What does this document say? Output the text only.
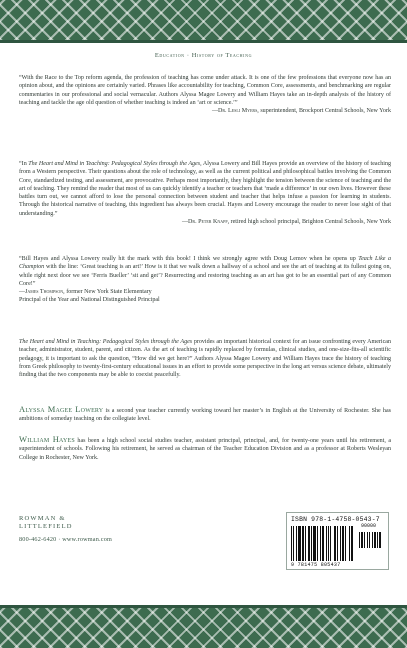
Education · History of Teaching

“With the Race to the Top reform agenda, the profession of teaching has come under attack. It is one of the few professions that everyone now has an opinion about, and the opinions are certainly varied. Phrases like accountability for teaching, Common Core, assessments, and benchmarking are regular commentaries in our professional and social vernacular. Authors Alyssa Magee Lowery and William Hayes take an in-depth analysis of the history of teaching and tackle the age old question of whether teaching is indeed an ‘art or science.’”

—Dr. Lesli Myers, superintendent, Brockport Central Schools, New York

“In The Heart and Mind in Teaching: Pedagogical Styles through the Ages, Alyssa Lowery and Bill Hayes provide an overview of the history of teaching from a Western perspective. Their questions about the role of technology, as well as the current political and philosophical battles involving the Common Core, standardized testing, and assessment, are provocative. Perhaps most importantly, they highlight the tension between the science of teaching and the art of teaching. They remind the reader that most of us can quickly identify a teacher or teachers that ‘made a difference’ in our own lives. However these battles turn out, we cannot afford to lose the personal connection between student and teacher that helps infuse a passion for learning in students. Through the historical narrative of teaching, this ingredient has always been crucial. Hayes and Lowery encourage the reader to never lose sight of that understanding.”

—Dr. Peter Knapp, retired high school principal, Brighton Central Schools, New York

“Bill Hayes and Alyssa Lowery really hit the mark with this book! I think we strongly agree with Doug Lemov when he opens up Teach Like a Champion with the line: ‘Great teaching is an art!’ How is it that we walk down a hallway of a school and see the art of teaching at its fullest going on, while right next door we see ‘Ferris Bueller’ ‘sit and get’? Resurrecting and restoring teaching as an art has got to be an essential part of any Common Core!”

—James Thompson, former New York State Elementary
Principal of the Year and National Distinguished Principal

The Heart and Mind in Teaching: Pedagogical Styles through the Ages provides an important historical context for an issue confronting every American teacher, administrator, student, parent, and citizen. As the art of teaching is rapidly replaced by formulas, clinical studies, and one-size-fits-all scientific pedagogy, it is important to ask the question, “How did we get here?” Authors Alyssa Magee Lowery and William Hayes trace the history of teaching from Greek philosophy to twenty-first-century educational issues in an effort to provide some perspective in the long art versus science debate, ultimately finding that the two components may be able to coexist peacefully.

Alyssa Magee Lowery is a second year teacher currently working toward her master’s in English at the University of Rochester. She has ambitions of someday teaching on the collegiate level.

William Hayes has been a high school social studies teacher, assistant principal, principal, and, for twenty-one years until his retirement, a superintendent of schools. Following his retirement, he served as chairman of the Teacher Education Division and as a professor at Roberts Wesleyan College in Rochester, New York.

ROWMAN &
LITTLEFIELD
800-462-6420 · www.rowman.com
ISBN 978-1-4758-0543-7
9 781475 805437
90000
